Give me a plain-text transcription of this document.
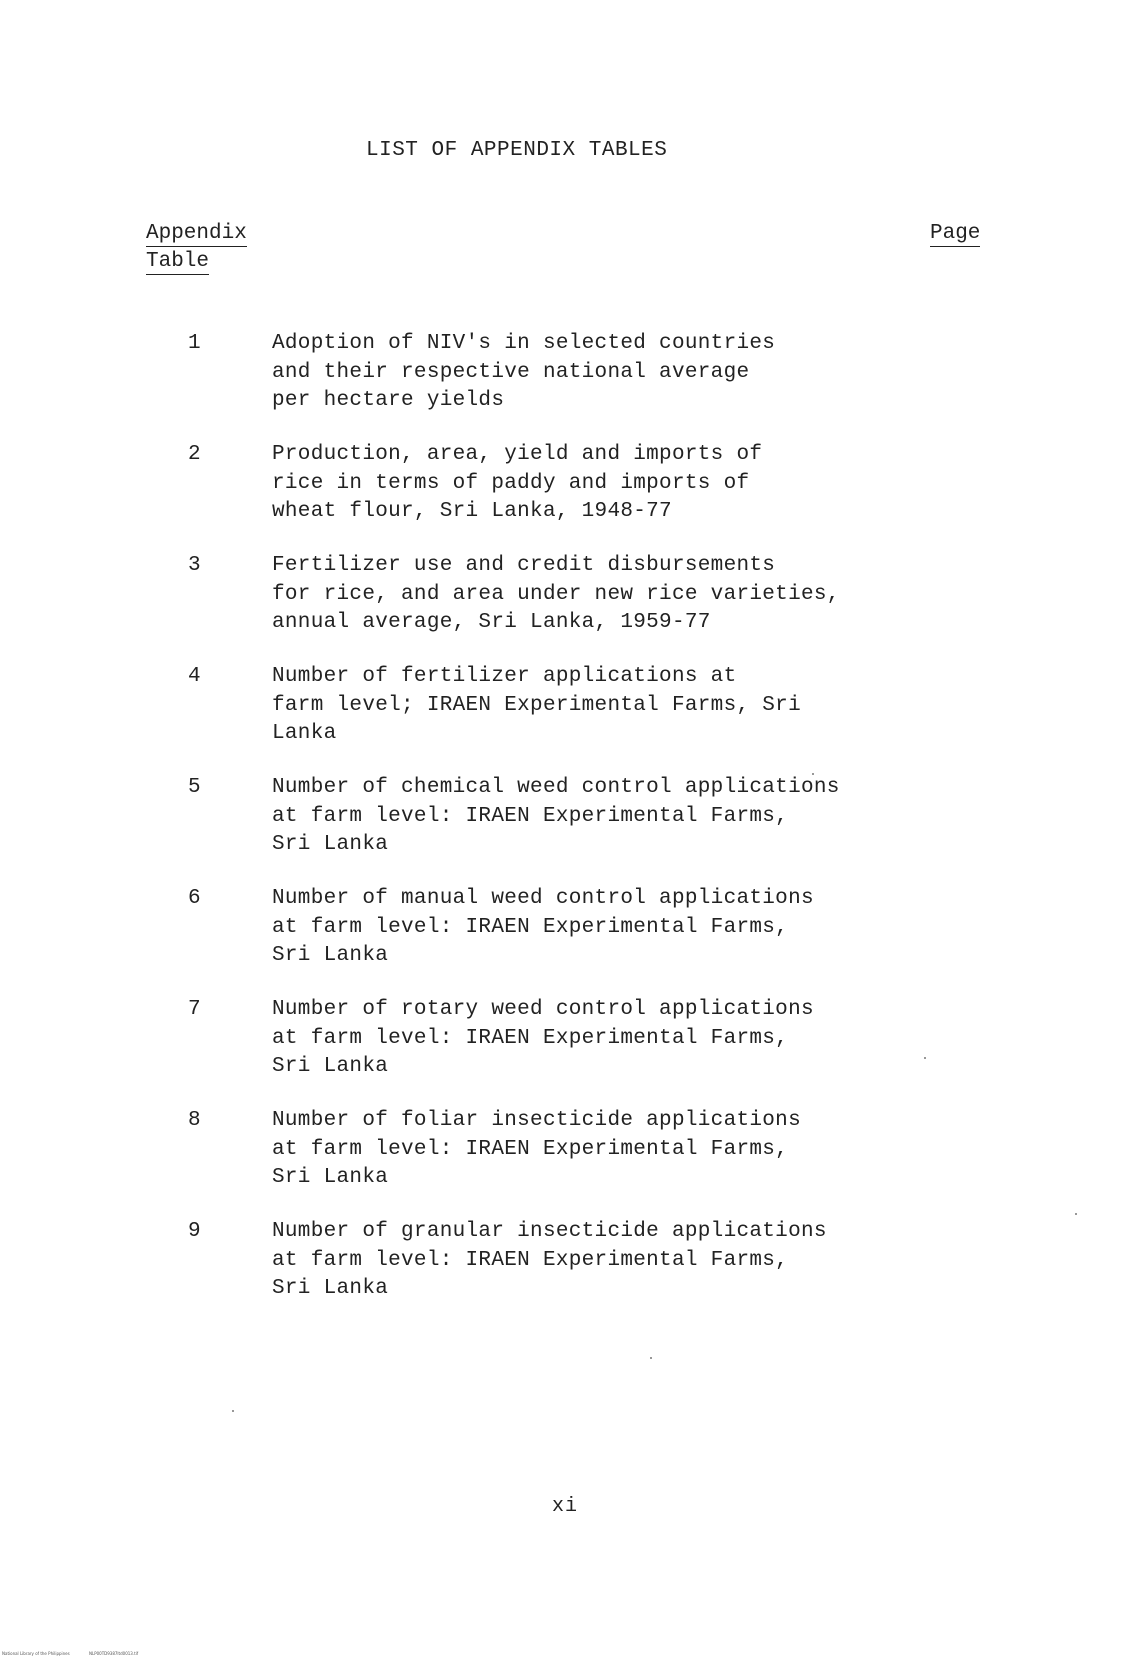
LIST OF APPENDIX TABLES
Appendix
Table
Page
1	Adoption of NIV's in selected countries
and their respective national average
per hectare yields
2	Production, area, yield and imports of
rice in terms of paddy and imports of
wheat flour, Sri Lanka, 1948-77
3	Fertilizer use and credit disbursements
for rice, and area under new rice varieties,
annual average, Sri Lanka, 1959-77
4	Number of fertilizer applications at
farm level; IRAEN Experimental Farms, Sri
Lanka
5	Number of chemical weed control applications
at farm level: IRAEN Experimental Farms,
Sri Lanka
6	Number of manual weed control applications
at farm level: IRAEN Experimental Farms,
Sri Lanka
7	Number of rotary weed control applications
at farm level: IRAEN Experimental Farms,
Sri Lanka
8	Number of foliar insecticide applications
at farm level: IRAEN Experimental Farms,
Sri Lanka
9	Number of granular insecticide applications
at farm level: IRAEN Experimental Farms,
Sri Lanka
xi
National Library of the Philippines	NLP00TD9387ltd0013.tif
